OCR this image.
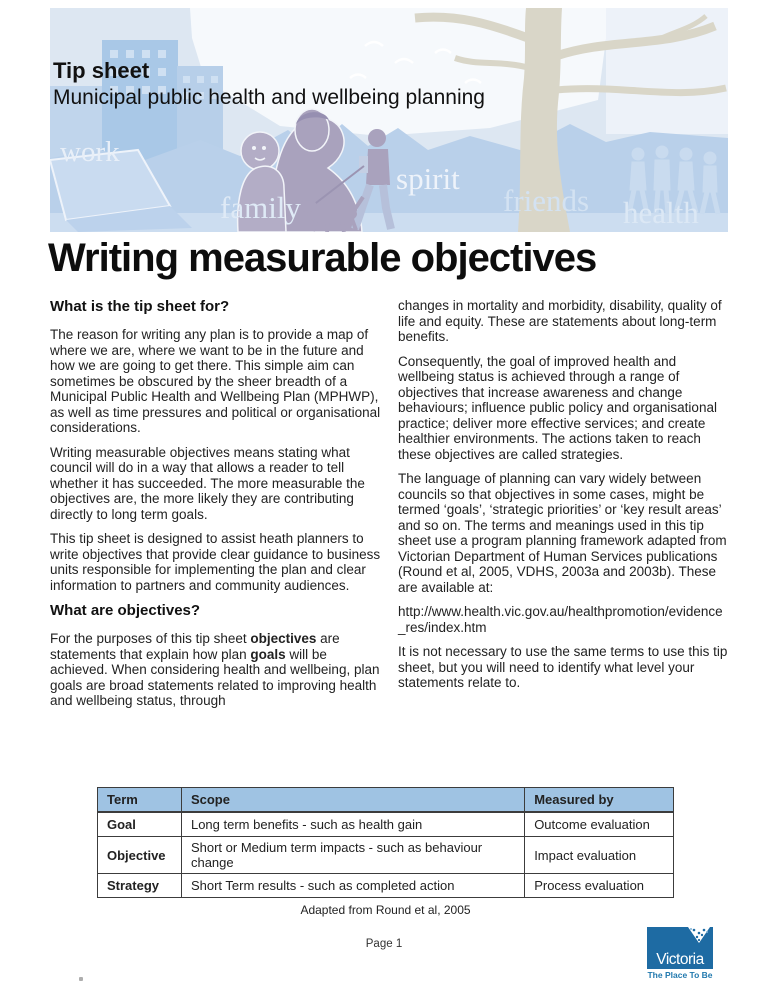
work
family
spirit
friends health
Tip sheet
Municipal public health and wellbeing planning
Writing measurable objectives
What is the tip sheet for?

The reason for writing any plan is to provide a map of where we are, where we want to be in the future and how we are going to get there. This simple aim can sometimes be obscured by the sheer breadth of a Municipal Public Health and Wellbeing Plan (MPHWP), as well as time pressures and political or organisational considerations.

Writing measurable objectives means stating what council will do in a way that allows a reader to tell whether it has succeeded. The more measurable the objectives are, the more likely they are contributing directly to long term goals.

This tip sheet is designed to assist heath planners to write objectives that provide clear guidance to business units responsible for implementing the plan and clear information to partners and community audiences.

What are objectives?

For the purposes of this tip sheet objectives are statements that explain how plan goals will be achieved. When considering health and wellbeing, plan goals are broad statements related to improving health and wellbeing status, through

changes in mortality and morbidity, disability, quality of life and equity. These are statements about long-term benefits.

Consequently, the goal of improved health and wellbeing status is achieved through a range of objectives that increase awareness and change behaviours; influence public policy and organisational practice; deliver more effective services; and create healthier environments. The actions taken to reach these objectives are called strategies.

The language of planning can vary widely between councils so that objectives in some cases, might be termed ‘goals’, ‘strategic priorities’ or ‘key result areas’ and so on. The terms and meanings used in this tip sheet use a program planning framework adapted from Victorian Department of Human Services publications (Round et al, 2005, VDHS, 2003a and 2003b). These are available at:

http://www.health.vic.gov.au/healthpromotion/evidence_res/index.htm

It is not necessary to use the same terms to use this tip sheet, but you will need to identify what level your statements relate to.

Term	Scope	Measured by
Goal	Long term benefits - such as health gain	Outcome evaluation
Objective	Short or Medium term impacts - such as behaviour change	Impact evaluation
Strategy	Short Term results - such as completed action	Process evaluation
Adapted from Round et al, 2005
Page 1
Victoria
The Place To Be
